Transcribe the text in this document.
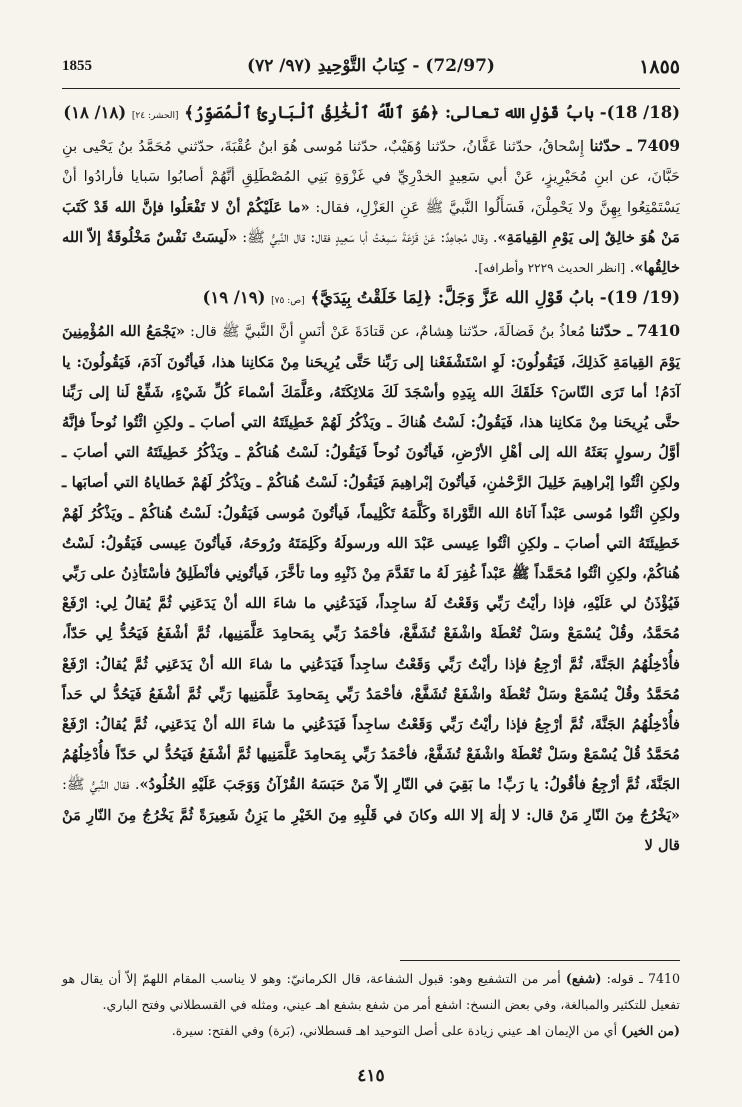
١٨٥٥
(72/97) - كِتابُ التَّوْحِيدِ (٩٧/ ٧٢)
1855

(18/ 18)- بابُ قَوْلِ الله تعالى: ﴿هُوَ ٱللَّهُ ٱلْخَٰلِقُ ٱلْبَارِئُ ٱلْمُصَوِّرُ﴾ [الحشر: ٢٤] (١٨/ ١٨)

7409 ـ حدّثنا إِسْحاقُ، حدّثنا عَفَّانُ، حدّثنا وُهَيْبٌ، حدّثنا مُوسى هُوَ ابنُ عُقْبَةَ، حدّثني مُحَمَّدُ بنُ يَحْيى بنِ حَبَّانَ، عن ابنِ مُحَيْرِيزٍ، عَنْ أبي سَعِيدٍ الخدْرِيِّ في غَزْوَةِ بَنِي المُصْطَلِقِ أنَّهُمْ أصابُوا سَبايا فأرادُوا أنْ يَسْتَمْتِعُوا بِهِنَّ ولا يَحْمِلْنَ، فَسَأَلُوا النَّبيَّ ﷺ عَنِ العَزْلِ، فقال: «ما عَلَيْكُمْ أنْ لا تَفْعَلُوا فإنَّ الله قَدْ كَتَبَ مَنْ هُوَ خالِقٌ إلى يَوْمِ القِيامَةِ». وقال مُجاهِدٌ: عَنْ قَزَعَةَ سَمِعْتُ أبا سَعِيدٍ فقال: قال النَّبيُّ ﷺ: «لَيسَتْ نَفْسٌ مَخْلُوقَةٌ إلاّ الله خالِقُها». [انظر الحديث ٢٢٢٩ وأطرافه].

(19/ 19)- بابُ قَوْلِ الله عَزَّ وَجَلَّ: ﴿لِمَا خَلَقْتُ بِيَدَيَّ﴾ [ص: ٧٥] (١٩/ ١٩)

7410 ـ حدّثنا مُعاذُ بنُ فَضالَةَ، حدّثنا هِشامٌ، عن قَتادَةَ عَنْ أنَسٍ أنَّ النَّبيَّ ﷺ قال: «يَجْمَعُ الله المُؤْمِنِينَ يَوْمَ القِيامَةِ كَذلِكَ، فَيَقُولُونَ: لَوِ اسْتَشْفَعْنا إلى رَبِّنا حَتَّى يُرِيحَنا مِنْ مَكانِنا هذا، فَيأتُونَ آدَمَ، فَيَقُولُونَ: يا آدَمُ! أما تَرَى النّاسَ؟ خَلَقَكَ الله بِيَدِهِ وأسْجَدَ لَكَ مَلائِكَتَهُ، وعَلَّمَكَ أسْماءَ كُلِّ شَيْءٍ، شَفِّعْ لَنا إلى رَبِّنا حتَّى يُرِيحَنا مِنْ مَكانِنا هذا، فَيَقُولُ: لَسْتُ هُناكَ ـ ويَذْكُرُ لَهُمْ خَطِيئَتَهُ التي أصابَ ـ ولكِنِ ائْتُوا نُوحاً فإنَّهُ أوَّلُ رسولٍ بَعَثَهُ الله إلى أهْلِ الأرْضِ، فَيأتُونَ نُوحاً فَيَقُولُ: لَسْتُ هُناكُمْ ـ ويَذْكُرُ خَطِيئَتَهُ التي أصابَ ـ ولكِنِ ائْتُوا إبْراهِيمَ خَلِيلَ الرَّحْمٰنِ، فَيأتُونَ إبْراهِيمَ فَيَقُولُ: لَسْتُ هُناكُمْ ـ ويَذْكُرُ لَهُمْ خَطاياهُ التي أصابَها ـ ولكِنِ ائْتُوا مُوسى عَبْداً آتاهُ الله التَّوْراةَ وكَلَّمَهُ تَكْلِيماً، فَيأتُونَ مُوسى فَيَقُولُ: لَسْتُ هُناكُمْ ـ ويَذْكُرُ لَهُمْ خَطِيئَتَهُ التي أصابَ ـ ولكِنِ ائْتُوا عِيسى عَبْدَ الله ورسولَهُ وكَلِمَتَهُ ورُوحَهُ، فَيأتُونَ عِيسى فَيَقُولُ: لَسْتُ هُناكُمْ، ولكِنِ ائْتُوا مُحَمَّداً ﷺ عَبْداً غُفِرَ لَهُ ما تَقَدَّمَ مِنْ ذَنْبِهِ وما تأخَّرَ، فَيأتُونِي فأنْطَلِقُ فأسْتَأذِنُ على رَبِّي فَيُؤْذَنُ لي عَلَيْهِ، فإذا رأيْتُ رَبِّي وَقَعْتُ لَهُ ساجِداً، فَيَدَعُنِي ما شاءَ الله أنْ يَدَعَنِي ثُمَّ يُقالُ لِي: ارْفَعْ مُحَمَّدُ، وقُلْ يُسْمَعْ وسَلْ تُعْطَهْ واشْفَعْ تُشَفَّعْ، فأحْمَدُ رَبِّي بِمَحامِدَ عَلَّمَنِيها، ثُمَّ أشْفَعُ فَيَحُدُّ لِي حَدّاً، فأُدْخِلُهُمُ الجَنَّةَ، ثُمَّ أرْجِعُ فإذا رأيْتُ رَبِّي وَقَعْتُ ساجِداً فَيَدَعُنِي ما شاءَ الله أنْ يَدَعَنِي ثُمَّ يُقالُ: ارْفَعْ مُحَمَّدُ وقُلْ يُسْمَعْ وسَلْ تُعْطَهْ واشْفَعْ تُشَفَّعْ، فأحْمَدُ رَبِّي بِمَحامِدَ عَلَّمَنِيها رَبِّي ثُمَّ أشْفَعُ فَيَحُدُّ لي حَداً فأُدْخِلُهُمُ الجَنَّةَ، ثُمَّ أرْجِعُ فإذا رأيْتُ رَبِّي وَقَعْتُ ساجِداً فَيَدَعُنِي ما شاءَ الله أنْ يَدَعَنِي، ثُمَّ يُقالُ: ارْفَعْ مُحَمَّدُ قُلْ يُسْمَعْ وسَلْ تُعْطَهْ واشْفَعْ تُشَفَّعْ، فأحْمَدُ رَبِّي بِمَحامِدَ عَلَّمَنِيها ثُمَّ أشْفَعُ فَيَحُدُّ لي حَدّاً فأُدْخِلُهُمُ الجَنَّةَ، ثُمَّ أرْجِعُ فأقُولُ: يا رَبِّ! ما بَقِيَ في النّارِ إلاّ مَنْ حَبَسَهُ القُرْآنُ وَوَجَبَ عَلَيْهِ الخُلُودُ». فقال النَّبيُّ ﷺ: «يَخْرُجُ مِنَ النّارِ مَنْ قال: لا إلٰهَ إلا الله وكانَ في قَلْبِهِ مِنَ الخَيْرِ ما يَزِنُ شَعِيرَةً ثُمَّ يَخْرُجُ مِنَ النّارِ مَنْ قال لا

7410 ـ قوله: (شفع) أمر من التشفيع وهو: قبول الشفاعة، قال الكرمانيّ: وهو لا يناسب المقام اللهمّ إلاّ أن يقال هو تفعيل للتكثير والمبالغة، وفي بعض النسخ: اشفع أمر من شفع بشفع اهـ عيني، ومثله في القسطلاني وفتح الباري.

(من الخير) أي من الإيمان اهـ عيني زيادة على أصل التوحيد اهـ قسطلاني، (بَرة) وفي الفتح: سيرة.

٤١٥
